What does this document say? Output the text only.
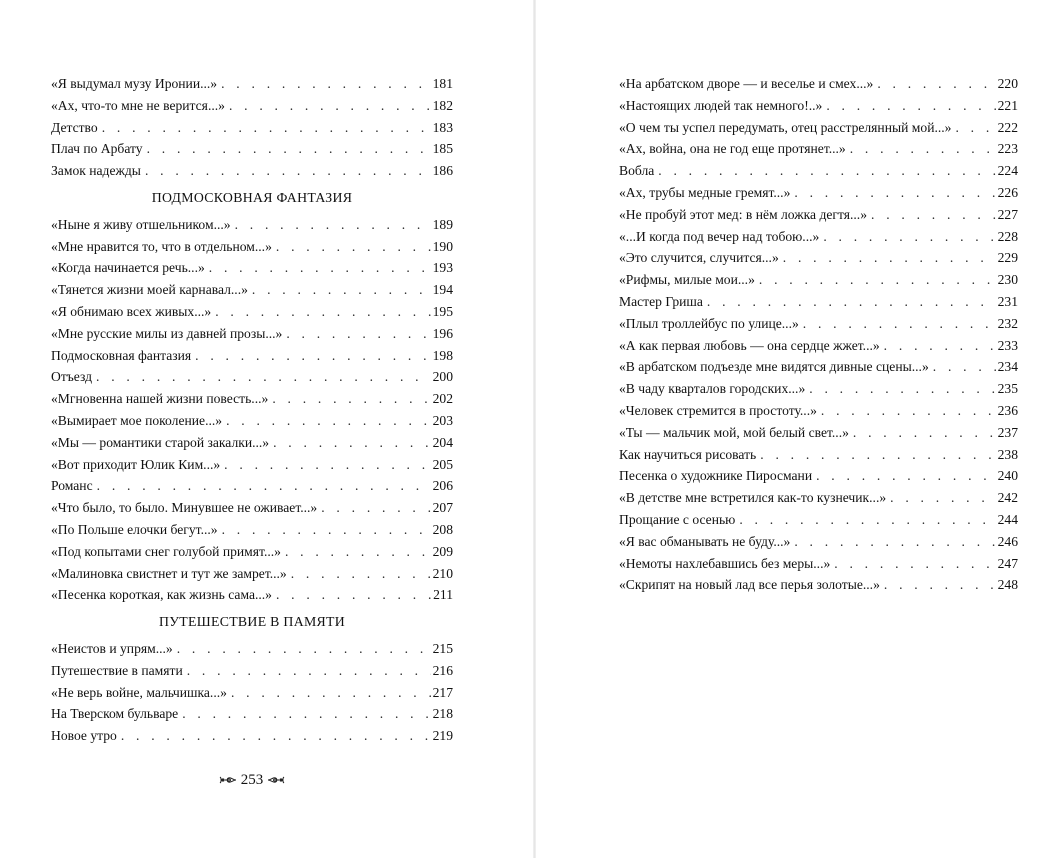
«Я выдумал музу Иронии...» . . .	181
«Ах, что-то мне не верится...» . . .	182
Детство . . .	183
Плач по Арбату . . .	185
Замок надежды . . .	186
ПОДМОСКОВНАЯ ФАНТАЗИЯ
«Ныне я живу отшельником...» . . .	189
«Мне нравится то, что в отдельном...» . . .	190
«Когда начинается речь...» . . .	193
«Тянется жизни моей карнавал...» . . .	194
«Я обнимаю всех живых...» . . .	195
«Мне русские милы из давней прозы...» . . .	196
Подмосковная фантазия . . .	198
Отъезд . . .	200
«Мгновенна нашей жизни повесть...» . . .	202
«Вымирает мое поколение...» . . .	203
«Мы — романтики старой закалки...» . . .	204
«Вот приходит Юлик Ким...» . . .	205
Романс . . .	206
«Что было, то было. Минувшее не оживает...» . . .	207
«По Польше елочки бегут...» . . .	208
«Под копытами снег голубой примят...» . . .	209
«Малиновка свистнет и тут же замрет...» . . .	210
«Песенка короткая, как жизнь сама...» . . .	211
ПУТЕШЕСТВИЕ В ПАМЯТИ
«Неистов и упрям...» . . .	215
Путешествие в памяти . . .	216
«Не верь войне, мальчишка...» . . .	217
На Тверском бульваре . . .	218
Новое утро . . .	219
253
«На арбатском дворе — и веселье и смех...» . . .	220
«Настоящих людей так немного!..» . . .	221
«О чем ты успел передумать, отец расстрелянный мой...» . . .	222
«Ах, война, она не год еще протянет...» . . .	223
Вобла . . .	224
«Ах, трубы медные гремят...» . . .	226
«Не пробуй этот мед: в нём ложка дегтя...» . . .	227
«...И когда под вечер над тобою...» . . .	228
«Это случится, случится...» . . .	229
«Рифмы, милые мои...» . . .	230
Мастер Гриша . . .	231
«Плыл троллейбус по улице...» . . .	232
«А как первая любовь — она сердце жжет...» . . .	233
«В арбатском подъезде мне видятся дивные сцены...» . . .	234
«В чаду кварталов городских...» . . .	235
«Человек стремится в простоту...» . . .	236
«Ты — мальчик мой, мой белый свет...» . . .	237
Как научиться рисовать . . .	238
Песенка о художнике Пиросмани . . .	240
«В детстве мне встретился как-то кузнечик...» . . .	242
Прощание с осенью . . .	244
«Я вас обманывать не буду...» . . .	246
«Немоты нахлебавшись без меры...» . . .	247
«Скрипят на новый лад все перья золотые...» . . .	248
